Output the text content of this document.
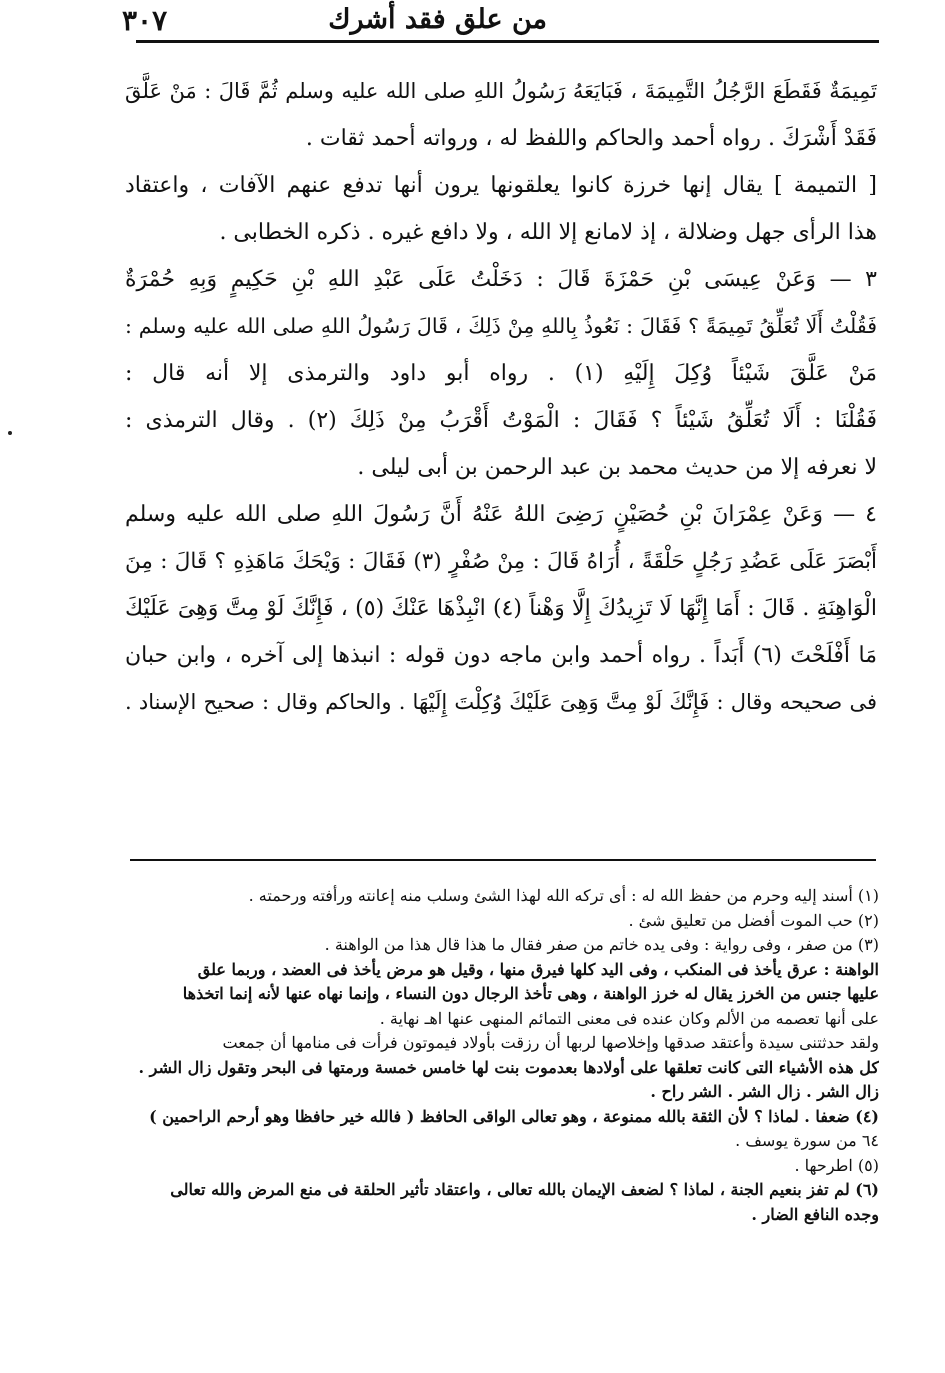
من علق فقد أشرك
٣٠٧
تَمِيمَةٌ فَقَطَعَ الرَّجُلُ التَّمِيمَةَ ، فَبَايَعَهُ رَسُولُ اللهِ صلى الله عليه وسلم ثُمَّ قَالَ : مَنْ عَلَّقَ
فَقَدْ أَشْرَكَ . رواه أحمد والحاكم واللفظ له ، ورواته أحمد ثقات .
[ التميمة ] يقال إنها خرزة كانوا يعلقونها يرون أنها تدفع عنهم الآفات ، واعتقاد
هذا الرأى جهل وضلالة ، إذ لامانع إلا الله ، ولا دافع غيره . ذكره الخطابى .
٣ — وَعَنْ عِيسَى بْنِ حَمْزَةَ قَالَ : دَخَلْتُ عَلَى عَبْدِ اللهِ بْنِ حَكِيمٍ وَبِهِ حُمْرَةٌ
فَقُلْتُ أَلَا تُعَلِّقُ تَمِيمَةً ؟ فَقَالَ : نَعُوذُ بِاللهِ مِنْ ذَلِكَ ، قَالَ رَسُولُ اللهِ صلى الله عليه وسلم :
مَنْ عَلَّقَ شَيْئاً وُكِلَ إِلَيْهِ (١) . رواه أبو داود والترمذى إلا أنه قال :
فَقُلْنَا : أَلَا تُعَلِّقُ شَيْئاً ؟ فَقَالَ : الْمَوْتُ أَقْرَبُ مِنْ ذَلِكَ (٢) . وقال الترمذى :
لا نعرفه إلا من حديث محمد بن عبد الرحمن بن أبى ليلى .
٤ — وَعَنْ عِمْرَانَ بْنِ حُصَيْنٍ رَضِىَ اللهُ عَنْهُ أَنَّ رَسُولَ اللهِ صلى الله عليه وسلم
أَبْصَرَ عَلَى عَضُدِ رَجُلٍ حَلْقَةً ، أُرَاهُ قَالَ : مِنْ صُفْرٍ (٣) فَقَالَ : وَيْحَكَ مَاهَذِهِ ؟ قَالَ : مِنَ
الْوَاهِنَةِ . قَالَ : أَمَا إِنَّهَا لَا تَزِيدُكَ إِلَّا وَهْناً (٤) انْبِذْهَا عَنْكَ (٥) ، فَإِنَّكَ لَوْ مِتَّ وَهِىَ عَلَيْكَ
مَا أَفْلَحْتَ (٦) أَبَداً . رواه أحمد وابن ماجه دون قوله : انبذها إلى آخره ، وابن حبان
فى صحيحه وقال : فَإِنَّكَ لَوْ مِتَّ وَهِىَ عَلَيْكَ وُكِلْتَ إِلَيْهَا . والحاكم وقال : صحيح الإسناد .
(١) أسند إليه وحرم من حفظ الله له : أى تركه الله لهذا الشئ وسلب منه إعانته ورأفته ورحمته .
(٢) حب الموت أفضل من تعليق شئ .
(٣) من صفر ، وفى رواية : وفى يده خاتم من صفر فقال ما هذا قال هذا من الواهنة .
الواهنة : عرق يأخذ فى المنكب ، وفى اليد كلها فيرق منها ، وقيل هو مرض يأخذ فى العضد ، وربما علق
عليها جنس من الخرز يقال له خرز الواهنة ، وهى تأخذ الرجال دون النساء ، وإنما نهاه عنها لأنه إنما اتخذها
على أنها تعصمه من الألم وكان عنده فى معنى التمائم المنهى عنها اهـ نهاية .
ولقد حدثتنى سيدة وأعتقد صدقها وإخلاصها لربها أن رزقت بأولاد فيموتون فرأت فى منامها أن جمعت
كل هذه الأشياء التى كانت تعلقها على أولادها بعدموت بنت لها خامس خمسة ورمتها فى البحر وتقول زال الشر .
زال الشر . زال الشر . الشر راح .
(٤) ضعفا . لماذا ؟ لأن الثقة بالله ممنوعة ، وهو تعالى الواقى الحافظ ( فالله خير حافظا وهو أرحم الراحمين )
٦٤ من سورة يوسف .
(٥) اطرحها .
(٦) لم تفز بنعيم الجنة ، لماذا ؟ لضعف الإيمان بالله تعالى ، واعتقاد تأثير الحلقة فى منع المرض والله تعالى
وجده النافع الضار .
